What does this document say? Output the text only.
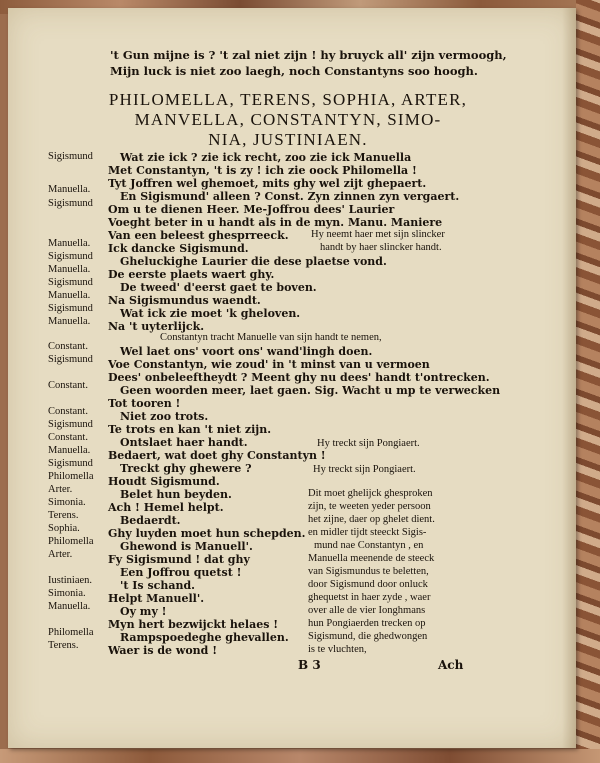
't Gun mijne is ? 't zal niet zijn ! hy bruyck all' zijn vermoogh,
Mijn luck is niet zoo laegh, noch Constantyns soo hoogh.
PHILOMELLA, TERENS, SOPHIA, ARTER,
MANVELLA, CONSTANTYN, SIMO-
NIA, JUSTINIAEN.
Sigismund
Manuella.
Sigismund
Manuella.
Sigismund
Manuella.
Sigismund
Manuella.
Sigismund
Manuella.
Constant.
Sigismund
Constant.
Constant.
Sigismund
Constant.
Manuella.
Sigismund
Philomella
Arter.
Simonia.
Terens.
Sophia.
Philomella
Arter.
Iustiniaen.
Simonia.
Manuella.
Philomella
Terens.
Wat zie ick ? zie ick recht, zoo zie ick Manuella
Met Constantyn, 't is zy ! ich zie oock Philomella !
Tyt Joffren wel ghemoet, mits ghy wel zijt ghepaert.
En Sigismund' alleen ? Const. Zyn zinnen zyn vergaert.
Om u te dienen Heer. Me-Joffrou dees' Laurier
Voeght beter in u handt als in de myn. Manu. Maniere
Van een beleest ghesprreeck.
Ick dancke Sigismund.
Gheluckighe Laurier die dese plaetse vond.
De eerste plaets waert ghy.
De tweed' d'eerst gaet te boven.
Na Sigismundus waendt.
Wat ick zie moet 'k gheloven.
Na 't uyterlijck.
Hy neemt haer met sijn slincker
handt by haer slincker handt.
Constantyn tracht Manuelle van sijn handt te nemen,
Wel laet ons' voort ons' wand'lingh doen.
Voe Constantyn, wie zoud' in 't minst van u vermoen
Dees' onbeleeftheydt ? Meent ghy nu dees' handt t'ontrecken.
Geen woorden meer, laet gaen. Sig. Wacht u mp te verwecken
Tot tooren !
Niet zoo trots.
Te trots en kan 't niet zijn.
Ontslaet haer handt.
Bedaert, wat doet ghy Constantyn !
Treckt ghy ghewere ?
Houdt Sigismund.
Belet hun beyden.
Ach ! Hemel helpt.
Bedaerdt.
Ghy luyden moet hun schepden.
Ghewond is Manuell'.
Fy Sigismund ! dat ghy
Een Joffrou quetst !
't Is schand.
Helpt Manuell'.
Oy my !
Myn hert bezwijckt helaes !
Rampspoedeghe ghevallen.
Waer is de wond !
Hy treckt sijn Pongiaert.
Hy treckt sijn Pongiaert.
Dit moet ghelijck ghesproken
zijn, te weeten yeder persoon
het zijne, daer op ghelet dient.
en midler tijdt steeckt Sigis-
mund nae Constantyn , en
Manuella meenende de steeck
van Sigismundus te beletten,
door Sigismund door onluck
ghequetst in haer zyde , waer
over alle de vier Ionghmans
hun Pongiaerden trecken op
Sigismund, die ghedwongen
is te vluchten,
B 3	Ach
